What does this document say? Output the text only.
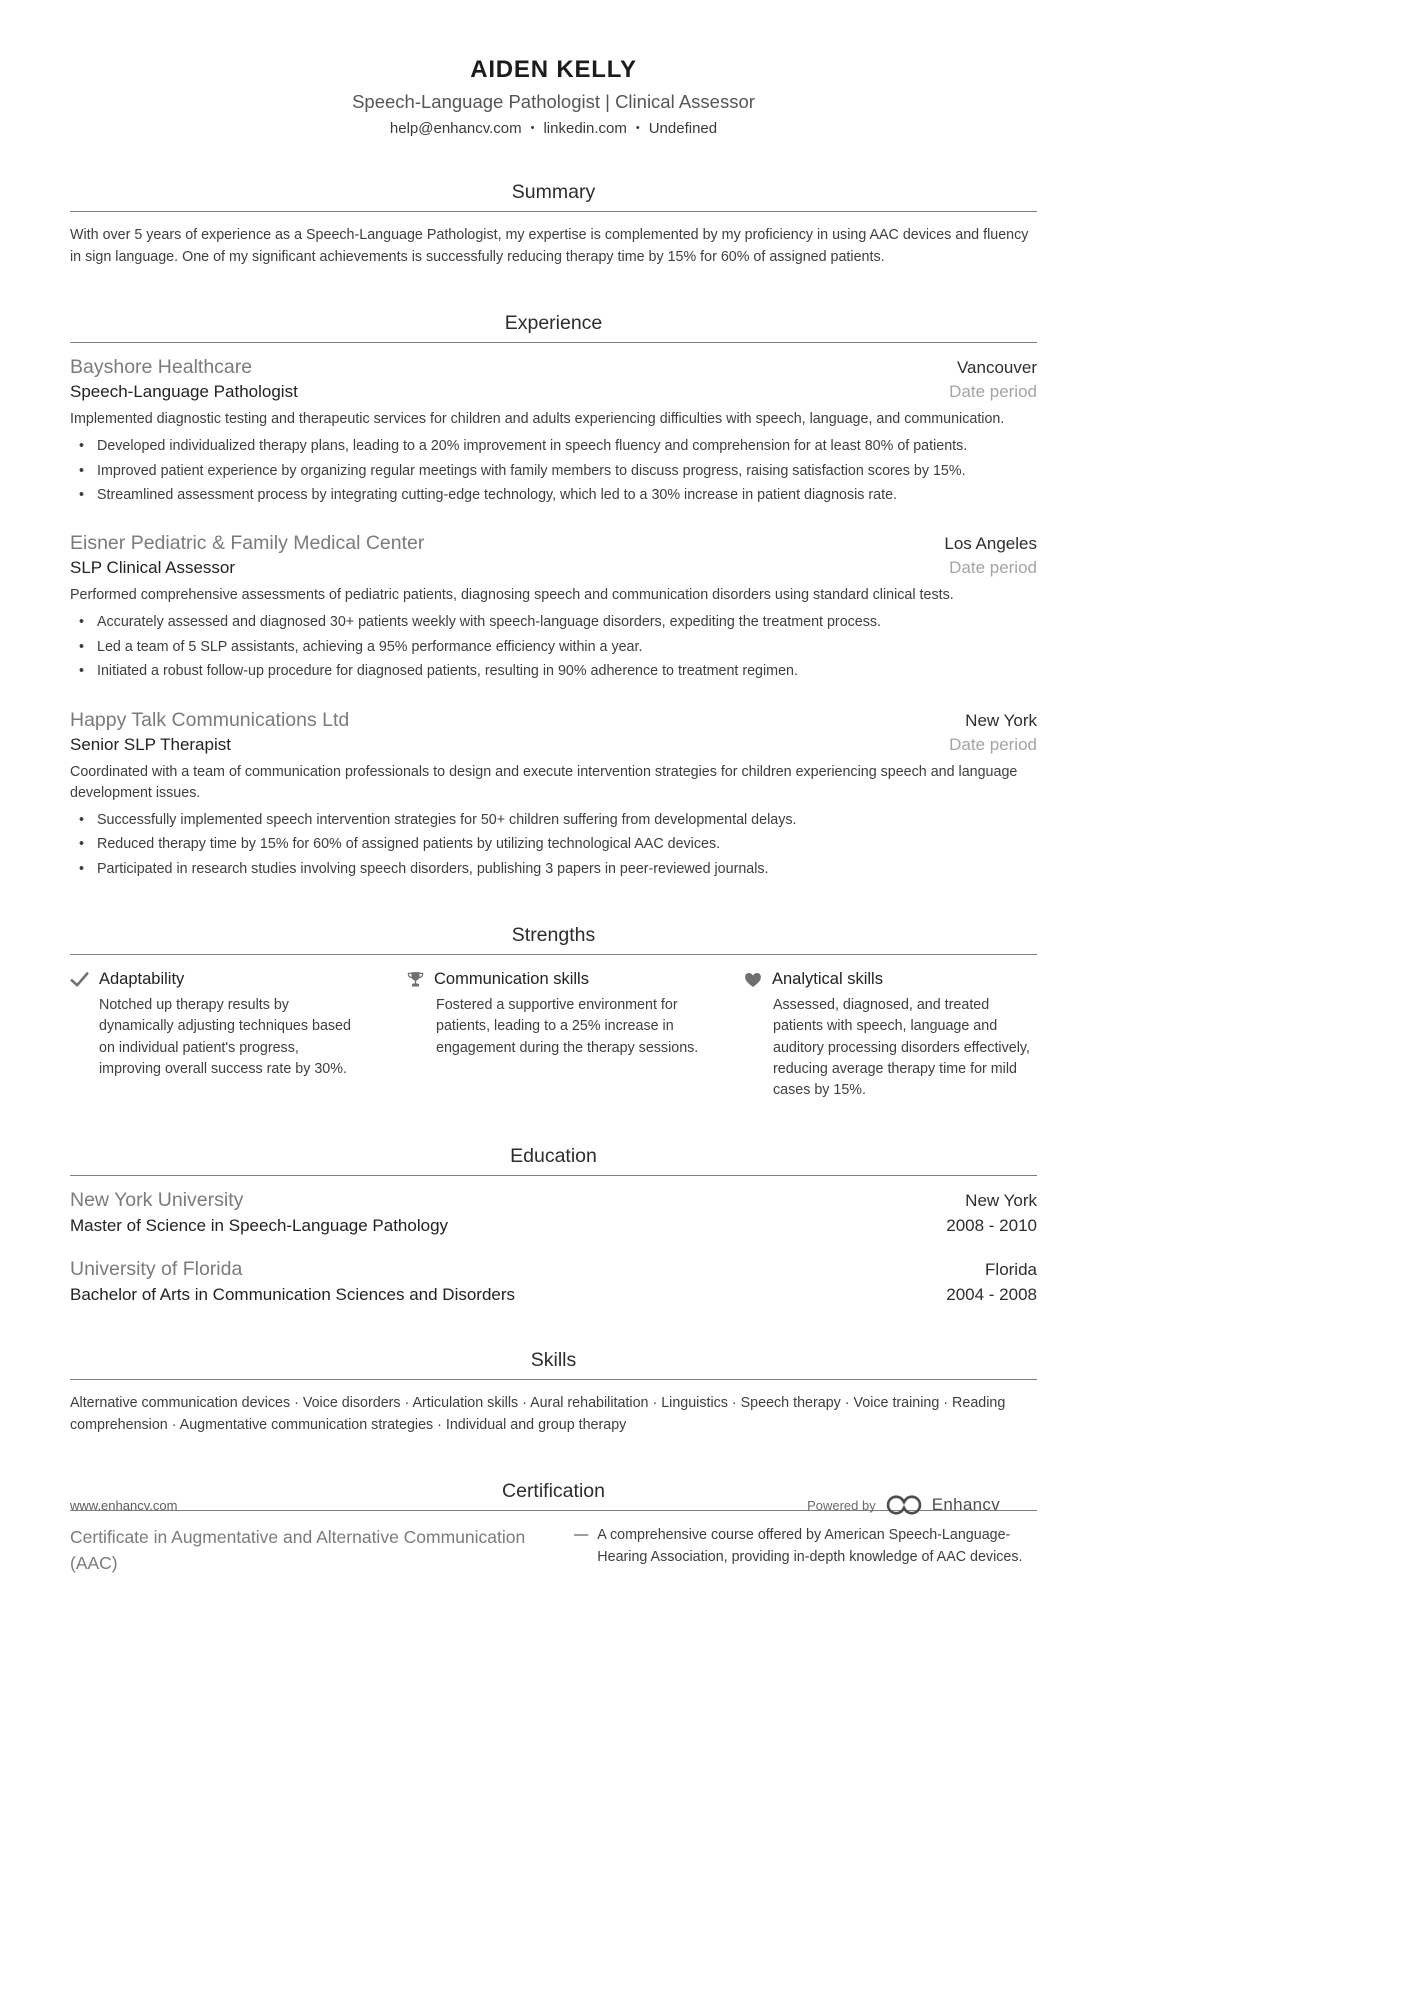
AIDEN KELLY
Speech-Language Pathologist | Clinical Assessor
help@enhancv.com • linkedin.com • Undefined
Summary
With over 5 years of experience as a Speech-Language Pathologist, my expertise is complemented by my proficiency in using AAC devices and fluency in sign language. One of my significant achievements is successfully reducing therapy time by 15% for 60% of assigned patients.
Experience
Bayshore Healthcare	Vancouver
Speech-Language Pathologist	Date period
Implemented diagnostic testing and therapeutic services for children and adults experiencing difficulties with speech, language, and communication.
• Developed individualized therapy plans, leading to a 20% improvement in speech fluency and comprehension for at least 80% of patients.
• Improved patient experience by organizing regular meetings with family members to discuss progress, raising satisfaction scores by 15%.
• Streamlined assessment process by integrating cutting-edge technology, which led to a 30% increase in patient diagnosis rate.
Eisner Pediatric & Family Medical Center	Los Angeles
SLP Clinical Assessor	Date period
Performed comprehensive assessments of pediatric patients, diagnosing speech and communication disorders using standard clinical tests.
• Accurately assessed and diagnosed 30+ patients weekly with speech-language disorders, expediting the treatment process.
• Led a team of 5 SLP assistants, achieving a 95% performance efficiency within a year.
• Initiated a robust follow-up procedure for diagnosed patients, resulting in 90% adherence to treatment regimen.
Happy Talk Communications Ltd	New York
Senior SLP Therapist	Date period
Coordinated with a team of communication professionals to design and execute intervention strategies for children experiencing speech and language development issues.
• Successfully implemented speech intervention strategies for 50+ children suffering from developmental delays.
• Reduced therapy time by 15% for 60% of assigned patients by utilizing technological AAC devices.
• Participated in research studies involving speech disorders, publishing 3 papers in peer-reviewed journals.
Strengths
Adaptability
Notched up therapy results by dynamically adjusting techniques based on individual patient's progress, improving overall success rate by 30%.
Communication skills
Fostered a supportive environment for patients, leading to a 25% increase in engagement during the therapy sessions.
Analytical skills
Assessed, diagnosed, and treated patients with speech, language and auditory processing disorders effectively, reducing average therapy time for mild cases by 15%.
Education
New York University	New York
Master of Science in Speech-Language Pathology	2008 - 2010
University of Florida	Florida
Bachelor of Arts in Communication Sciences and Disorders	2004 - 2008
Skills
Alternative communication devices · Voice disorders · Articulation skills · Aural rehabilitation · Linguistics · Speech therapy · Voice training · Reading comprehension · Augmentative communication strategies · Individual and group therapy
Certification
Certificate in Augmentative and Alternative Communication (AAC)
— A comprehensive course offered by American Speech-Language-Hearing Association, providing in-depth knowledge of AAC devices.
www.enhancv.com	Powered by	Enhancv
